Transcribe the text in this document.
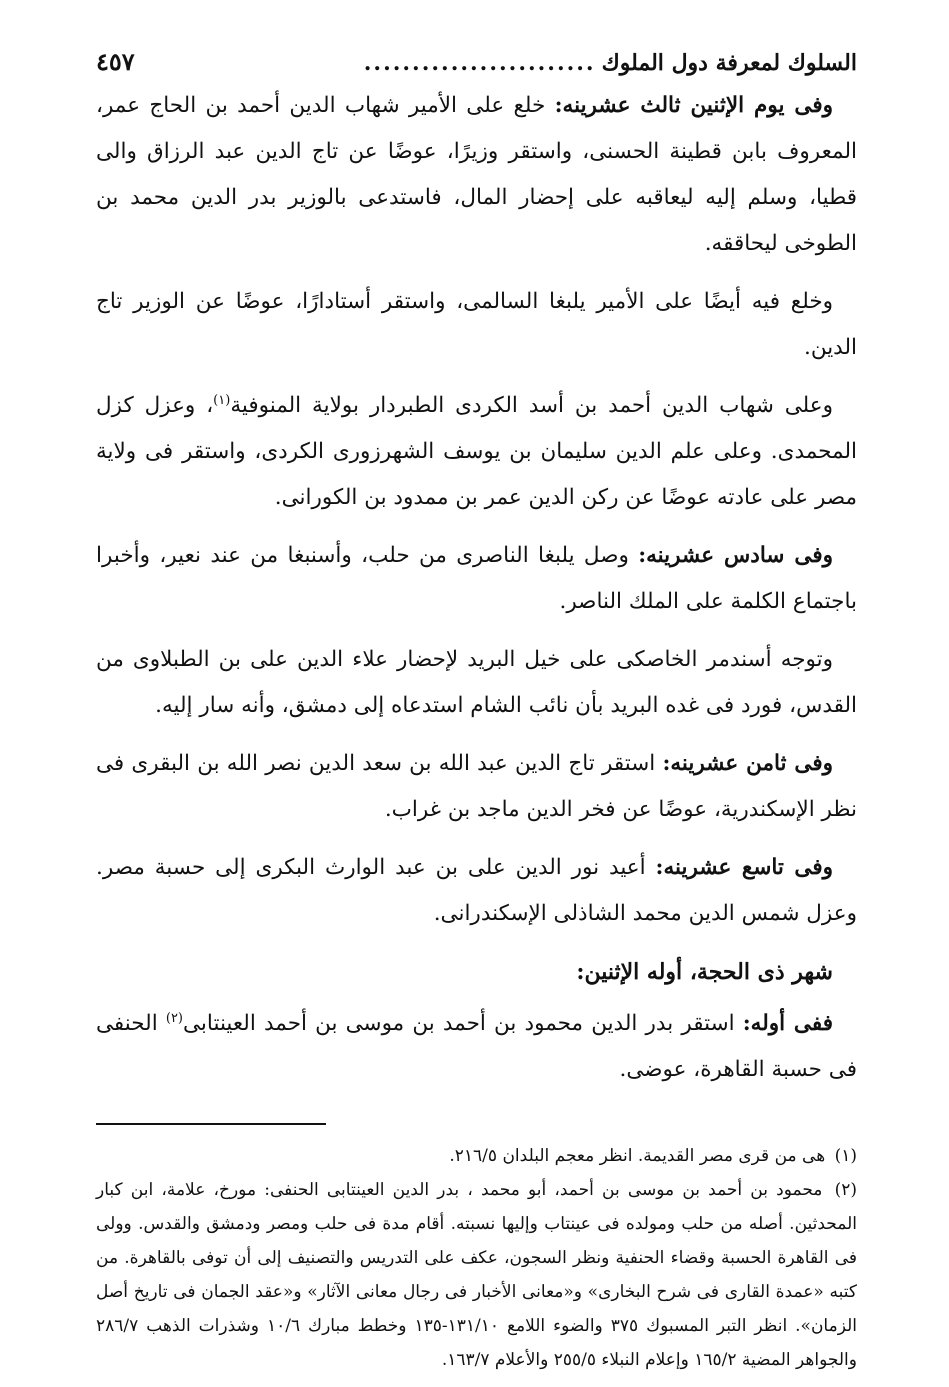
السلوك لمعرفة دول الملوك
........................
٤٥٧

وفى يوم الإثنين ثالث عشرينه: خلع على الأمير شهاب الدين أحمد بن الحاج عمر، المعروف بابن قطينة الحسنى، واستقر وزيرًا، عوضًا عن تاج الدين عبد الرزاق والى قطيا، وسلم إليه ليعاقبه على إحضار المال، فاستدعى بالوزير بدر الدين محمد بن الطوخى ليحاققه.

وخلع فيه أيضًا على الأمير يلبغا السالمى، واستقر أستادارًا، عوضًا عن الوزير تاج الدين.

وعلى شهاب الدين أحمد بن أسد الكردى الطبردار بولاية المنوفية$^{(١)}$، وعزل كزل المحمدى. وعلى علم الدين سليمان بن يوسف الشهرزورى الكردى، واستقر فى ولاية مصر على عادته عوضًا عن ركن الدين عمر بن ممدود بن الكورانى.

وفى سادس عشرينه: وصل يلبغا الناصرى من حلب، وأسنبغا من عند نعير، وأخبرا باجتماع الكلمة على الملك الناصر.

وتوجه أسندمر الخاصكى على خيل البريد لإحضار علاء الدين على بن الطبلاوى من القدس، فورد فى غده البريد بأن نائب الشام استدعاه إلى دمشق، وأنه سار إليه.

وفى ثامن عشرينه: استقر تاج الدين عبد الله بن سعد الدين نصر الله بن البقرى فى نظر الإسكندرية، عوضًا عن فخر الدين ماجد بن غراب.

وفى تاسع عشرينه: أعيد نور الدين على بن عبد الوارث البكرى إلى حسبة مصر. وعزل شمس الدين محمد الشاذلى الإسكندرانى.

شهر ذى الحجة، أوله الإثنين:

ففى أوله: استقر بدر الدين محمود بن أحمد بن موسى بن أحمد العينتابى$^{(٢)}$ الحنفى فى حسبة القاهرة، عوضى.

(١) هى من قرى مصر القديمة. انظر معجم البلدان ٢١٦/٥.

(٢) محمود بن أحمد بن موسى بن أحمد، أبو محمد ، بدر الدين العينتابى الحنفى: مورخ، علامة، ابن كبار المحدثين. أصله من حلب ومولده فى عينتاب وإليها نسبته. أقام مدة فى حلب ومصر ودمشق والقدس. وولى فى القاهرة الحسبة وقضاء الحنفية ونظر السجون، عكف على التدريس والتصنيف إلى أن توفى بالقاهرة. من كتبه «عمدة القارى فى شرح البخارى» و«معانى الأخبار فى رجال معانى الآثار» و«عقد الجمان فى تاريخ أصل الزمان». انظر التبر المسبوك ٣٧٥ والضوء اللامع ١٣١/١٠-١٣٥ وخطط مبارك ١٠/٦ وشذرات الذهب ٢٨٦/٧ والجواهر المضية ١٦٥/٢ وإعلام النبلاء ٢٥٥/٥ والأعلام ١٦٣/٧.
